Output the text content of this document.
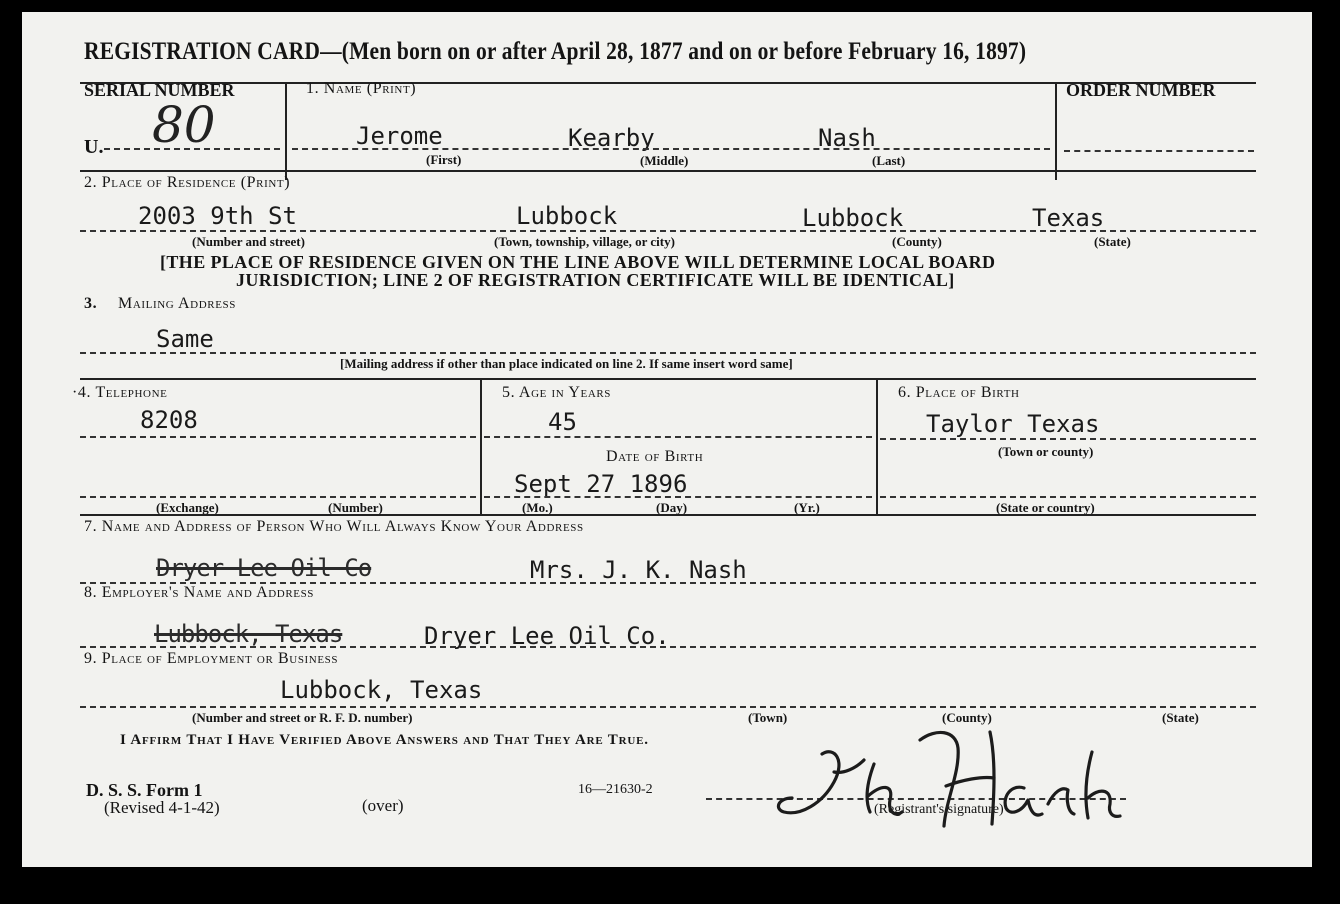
REGISTRATION CARD—(Men born on or after April 28, 1877 and on or before February 16, 1897)
SERIAL NUMBER
U. 80
ORDER NUMBER
1. Name (Print)
Jerome	Kearby	Nash
(First)	(Middle)	(Last)
2. Place of Residence (Print)
2003 9th St	Lubbock	Lubbock	Texas
(Number and street)	(Town, township, village, or city)	(County)	(State)
[THE PLACE OF RESIDENCE GIVEN ON THE LINE ABOVE WILL DETERMINE LOCAL BOARD
JURISDICTION; LINE 2 OF REGISTRATION CERTIFICATE WILL BE IDENTICAL]
3. Mailing Address
Same
[Mailing address if other than place indicated on line 2. If same insert word same]
·4. Telephone
8208
(Exchange)	(Number)
5. Age in Years
45
Date of Birth
Sept 27 1896
(Mo.)	(Day)	(Yr.)
6. Place of Birth
Taylor Texas
(Town or county)
(State or country)
7. Name and Address of Person Who Will Always Know Your Address
Dryer Lee Oil Co	Mrs. J. K. Nash
8. Employer's Name and Address
Lubbock, Texas	Dryer Lee Oil Co.
9. Place of Employment or Business
Lubbock, Texas
(Number and street or R. F. D. number)	(Town)	(County)	(State)
I Affirm That I Have Verified Above Answers and That They Are True.
D. S. S. Form 1
(Revised 4-1-42)	(over)
16—21630-2
(Registrant's signature)
